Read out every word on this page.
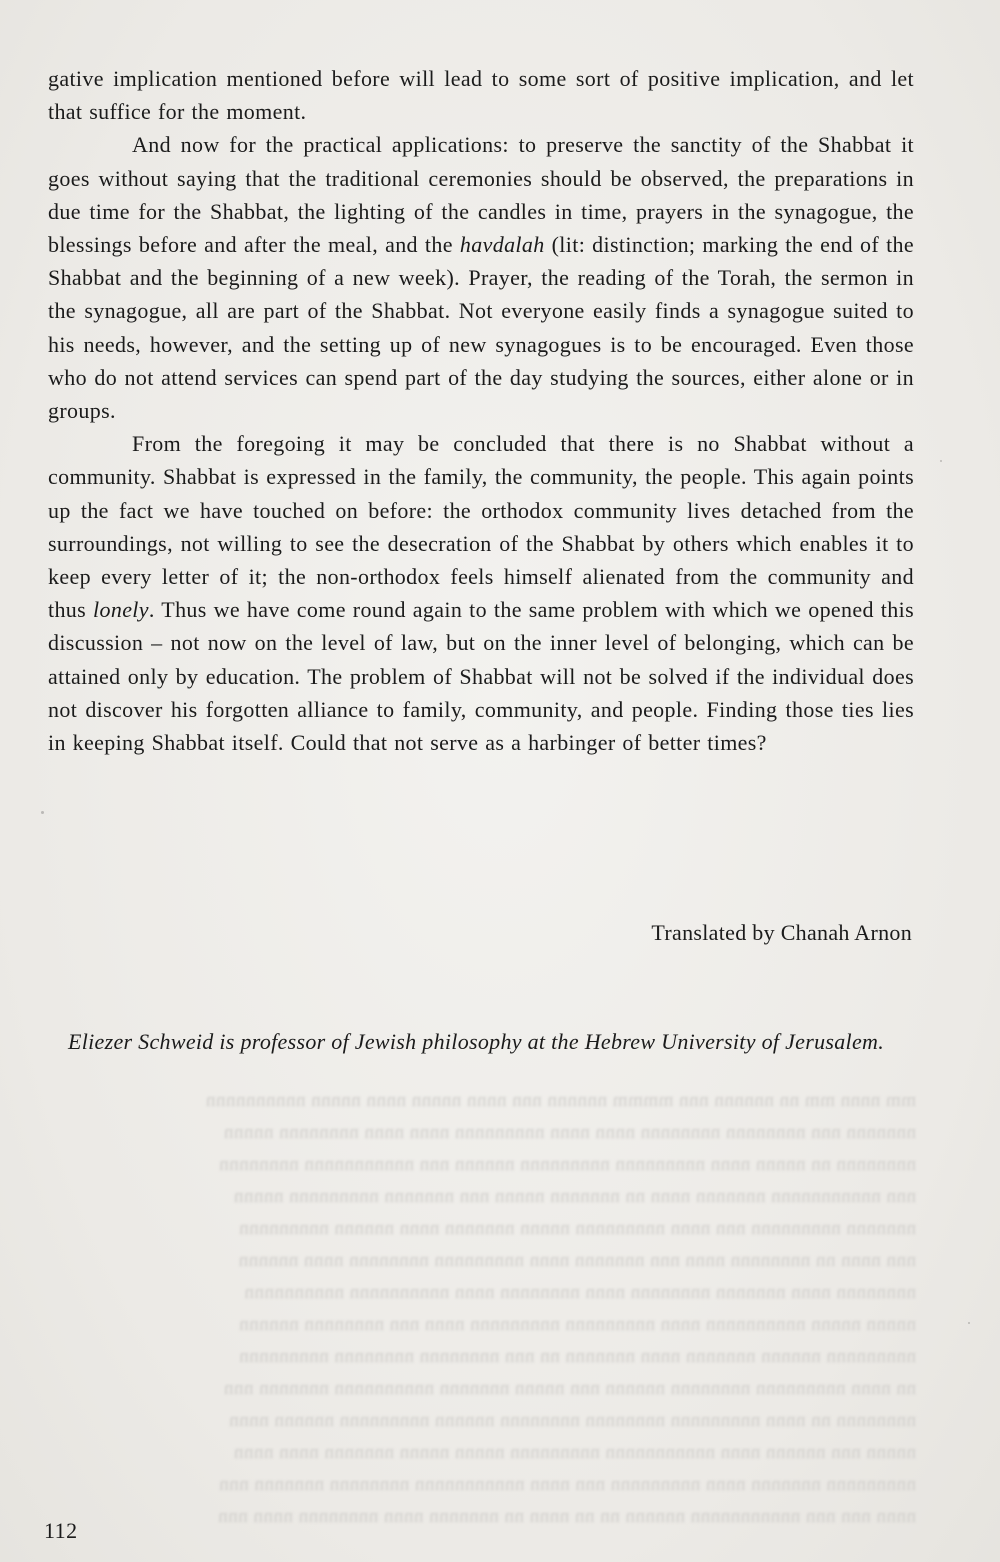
mm nnnn mm nn nnnnnn nnn mmmm nnnnnn nnn nnnn nnnnn nnnn nnnnn nnnnnnnnnn
nnnnnnn nnn nnnnnnnn nnnnnnnn nnnn nnnn nnnnnnnnn nnnn nnnn nnnnnnnn nnnnn
nnnnnnnn nn nnnnn nnnn nnnnnnnnn nnnnnnnnn nnnnnn nnn nnnnnnnnnnn nnnnnnnn
nnn nnnnnnnnnnn nnnnnnn nnnn nn nnnnnnn nnnnn nnn nnnnnnn nnnnnnnnn nnnnn
nnnnnnn nnnnnnnnn nnn nnnn nnnnnnnnn nnnnn nnnnnnn nnnn nnnnnn nnnnnnnnn
nnn nnnn nn nnnnnnnn nnnn nnn nnnnnnn nnnn nnnnnnnnn nnnnnnnn nnnn nnnnnn
nnnnnnnn nnnn nnnnnnn nnnnnnnn nnnn nnnnnnnn nnnn nnnnnnnnnn nnnnnnnnnn
nnnnn nnnnn nnnnnnnnnn nnnn nnnnnnnnn nnnnnnnnn nnnn nnn nnnnnnnn nnnnnn
nnnnnnnnn nnnnnn nnnnnnn nnnn nnnnnnn nn nnn nnnnnnnn nnnnnnnn nnnnnnnnn
nn nnnn nnnnnnnnn nnnnnnnn nnnnnn nnn nnnnn nnnnnnn nnnnnnnnnn nnnnnnn nnn
nnnnnnnn nn nnnn nnnnnnnnn nnnnnnnn nnnnnnnn nnnnnn nnnnnnnnn nnnnnn nnnn
nnnnn nnn nnnnnn nnnn nnnnnnnnnnn nnnnnnnnn nnnnn nnnnn nnnnnnn nnnn nnnn
nnnnnnnnn nnnnnnn nnnn nnnnnnnnn nnn nnnn nnnnnnnnnnn nnnnnnnn nnnnnnn nnn
nnnn nnn nnn nnnnnnnnnnn nnnnnn nn nn nnnn nn nnnnnnn nnnn nnnnnnnn nnnn nnn

gative implication mentioned before will lead to some sort of positive implication, and let that suffice for the moment.

And now for the practical applications: to preserve the sanctity of the Shabbat it goes without saying that the traditional ceremonies should be observed, the preparations in due time for the Shabbat, the lighting of the candles in time, prayers in the synagogue, the blessings before and after the meal, and the havdalah (lit: distinction; marking the end of the Shabbat and the beginning of a new week). Prayer, the reading of the Torah, the sermon in the synagogue, all are part of the Shabbat. Not everyone easily finds a synagogue suited to his needs, however, and the setting up of new synagogues is to be encouraged. Even those who do not attend services can spend part of the day studying the sources, either alone or in groups.

From the foregoing it may be concluded that there is no Shabbat without a community. Shabbat is expressed in the family, the community, the people. This again points up the fact we have touched on before: the orthodox community lives detached from the surroundings, not willing to see the desecration of the Shabbat by others which enables it to keep every letter of it; the non-orthodox feels himself alienated from the community and thus lonely. Thus we have come round again to the same problem with which we opened this discussion – not now on the level of law, but on the inner level of belonging, which can be attained only by education. The problem of Shabbat will not be solved if the individual does not discover his forgotten alliance to family, community, and people. Finding those ties lies in keeping Shabbat itself. Could that not serve as a harbinger of better times?

Translated by Chanah Arnon
Eliezer Schweid is professor of Jewish philosophy at the Hebrew University of Jerusalem.
112
